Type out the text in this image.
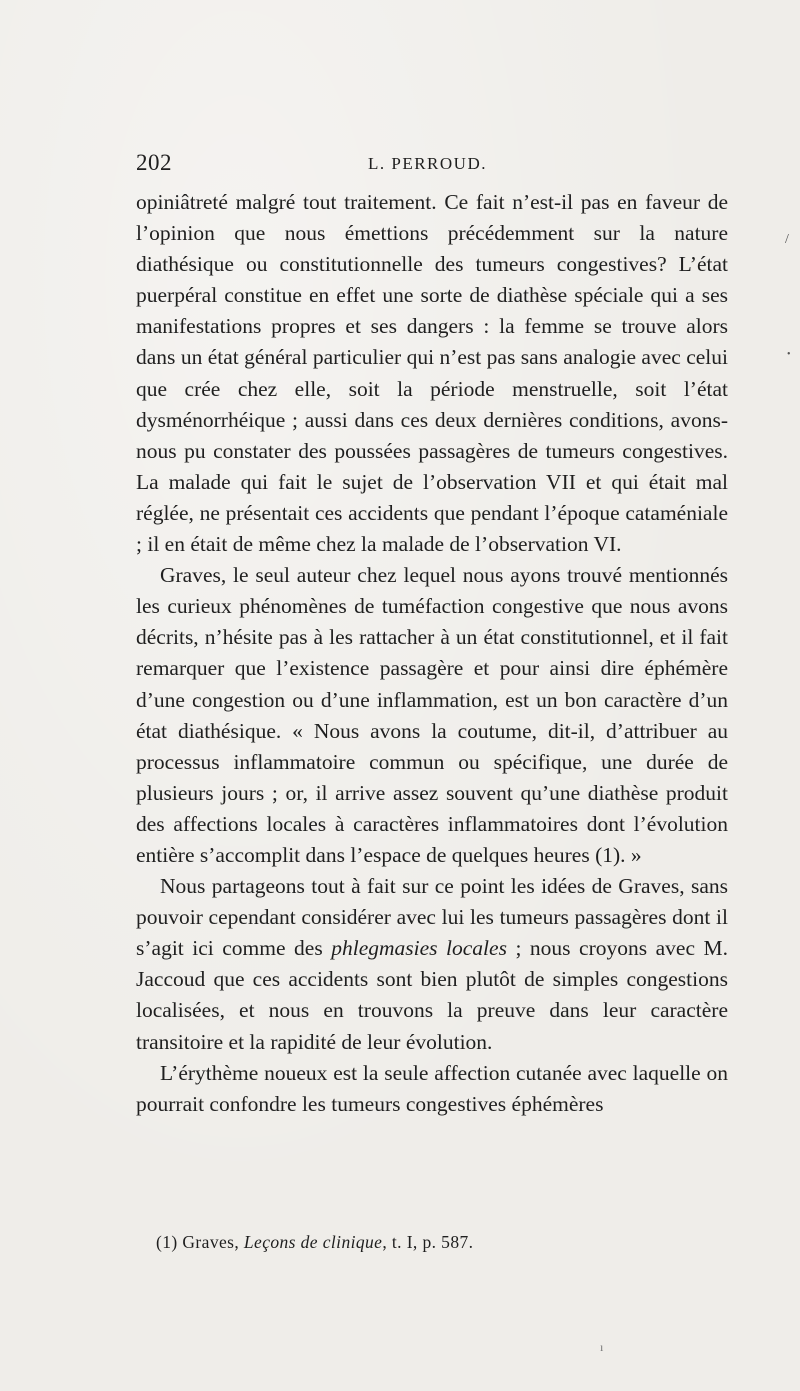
202	L. PERROUD.

opiniâtreté malgré tout traitement. Ce fait n’est-il pas en faveur de l’opinion que nous émettions précédemment sur la nature diathésique ou constitutionnelle des tumeurs congestives? L’état puerpéral constitue en effet une sorte de diathèse spéciale qui a ses manifestations propres et ses dangers : la femme se trouve alors dans un état général particulier qui n’est pas sans analogie avec celui que crée chez elle, soit la période menstruelle, soit l’état dysménorrhéique ; aussi dans ces deux dernières conditions, avons-nous pu constater des poussées passagères de tumeurs congestives. La malade qui fait le sujet de l’observation VII et qui était mal réglée, ne présentait ces accidents que pendant l’époque cataméniale ; il en était de même chez la malade de l’observation VI.

Graves, le seul auteur chez lequel nous ayons trouvé mentionnés les curieux phénomènes de tuméfaction congestive que nous avons décrits, n’hésite pas à les rattacher à un état constitutionnel, et il fait remarquer que l’existence passagère et pour ainsi dire éphémère d’une congestion ou d’une inflammation, est un bon caractère d’un état diathésique. « Nous avons la coutume, dit-il, d’attribuer au processus inflammatoire commun ou spécifique, une durée de plusieurs jours ; or, il arrive assez souvent qu’une diathèse produit des affections locales à caractères inflammatoires dont l’évolution entière s’accomplit dans l’espace de quelques heures (1). »

Nous partageons tout à fait sur ce point les idées de Graves, sans pouvoir cependant considérer avec lui les tumeurs passagères dont il s’agit ici comme des phlegmasies locales ; nous croyons avec M. Jaccoud que ces accidents sont bien plutôt de simples congestions localisées, et nous en trouvons la preuve dans leur caractère transitoire et la rapidité de leur évolution.

L’érythème noueux est la seule affection cutanée avec laquelle on pourrait confondre les tumeurs congestives éphémères

(1) Graves, Leçons de clinique, t. I, p. 587.
/
•
ı
